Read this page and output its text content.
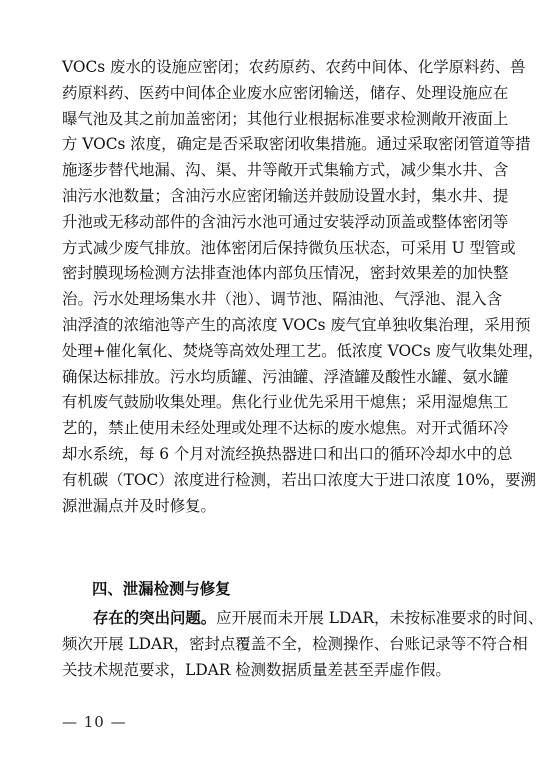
VOCs 废水的设施应密闭；农药原药、农药中间体、化学原料药、兽
药原料药、医药中间体企业废水应密闭输送，储存、处理设施应在
曝气池及其之前加盖密闭；其他行业根据标准要求检测敞开液面上
方 VOCs 浓度，确定是否采取密闭收集措施。通过采取密闭管道等措
施逐步替代地漏、沟、渠、井等敞开式集输方式，减少集水井、含
油污水池数量；含油污水应密闭输送并鼓励设置水封，集水井、提
升池或无移动部件的含油污水池可通过安装浮动顶盖或整体密闭等
方式减少废气排放。池体密闭后保持微负压状态，可采用 U 型管或
密封膜现场检测方法排查池体内部负压情况，密封效果差的加快整
治。污水处理场集水井（池）、调节池、隔油池、气浮池、混入含
油浮渣的浓缩池等产生的高浓度 VOCs 废气宜单独收集治理，采用预
处理+催化氧化、焚烧等高效处理工艺。低浓度 VOCs 废气收集处理，
确保达标排放。污水均质罐、污油罐、浮渣罐及酸性水罐、氨水罐
有机废气鼓励收集处理。焦化行业优先采用干熄焦；采用湿熄焦工
艺的，禁止使用未经处理或处理不达标的废水熄焦。对开式循环冷
却水系统，每 6 个月对流经换热器进口和出口的循环冷却水中的总
有机碳（TOC）浓度进行检测，若出口浓度大于进口浓度 10%，要溯
源泄漏点并及时修复。
四、泄漏检测与修复
存在的突出问题。应开展而未开展 LDAR，未按标准要求的时间、
频次开展 LDAR，密封点覆盖不全，检测操作、台账记录等不符合相
关技术规范要求，LDAR 检测数据质量差甚至弄虚作假。
— 10 —
